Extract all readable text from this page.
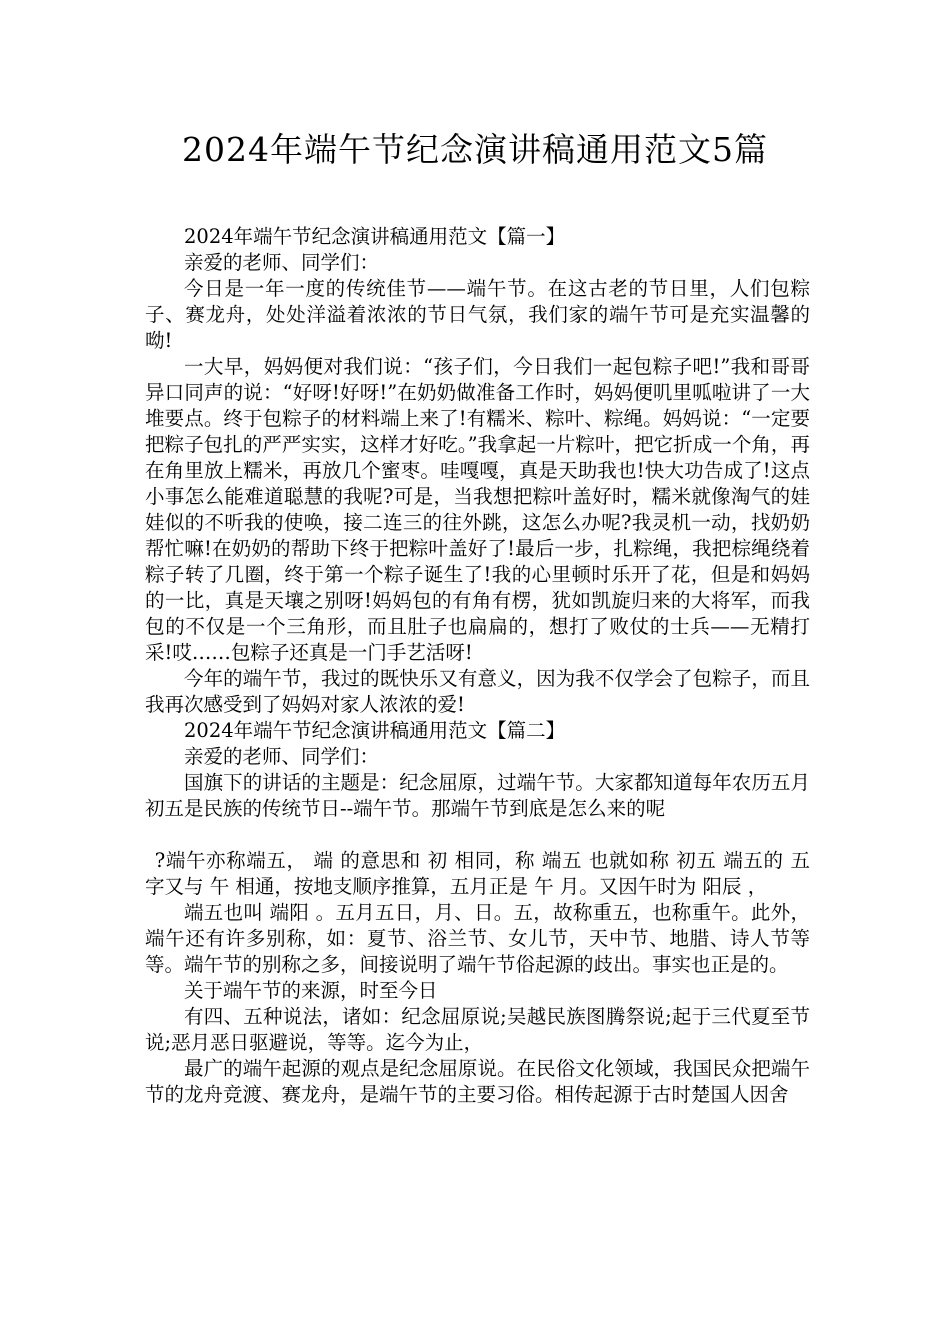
2024年端午节纪念演讲稿通用范文5篇

2024年端午节纪念演讲稿通用范文【篇一】

亲爱的老师、同学们：

今日是一年一度的传统佳节——端午节。在这古老的节日里，人们包粽子、赛龙舟，处处洋溢着浓浓的节日气氛，我们家的端午节可是充实温馨的呦!

一大早，妈妈便对我们说：“孩子们，今日我们一起包粽子吧!”我和哥哥异口同声的说：“好呀!好呀!”在奶奶做准备工作时，妈妈便叽里呱啦讲了一大堆要点。终于包粽子的材料端上来了!有糯米、粽叶、粽绳。妈妈说：“一定要把粽子包扎的严严实实，这样才好吃。”我拿起一片粽叶，把它折成一个角，再在角里放上糯米，再放几个蜜枣。哇嘎嘎，真是天助我也!快大功告成了!这点小事怎么能难道聪慧的我呢?可是，当我想把粽叶盖好时，糯米就像淘气的娃娃似的不听我的使唤，接二连三的往外跳，这怎么办呢?我灵机一动，找奶奶帮忙嘛!在奶奶的帮助下终于把粽叶盖好了!最后一步，扎粽绳，我把棕绳绕着粽子转了几圈，终于第一个粽子诞生了!我的心里顿时乐开了花，但是和妈妈的一比，真是天壤之别呀!妈妈包的有角有楞，犹如凯旋归来的大将军，而我包的不仅是一个三角形，而且肚子也扁扁的，想打了败仗的士兵——无精打采!哎……包粽子还真是一门手艺活呀!

今年的端午节，我过的既快乐又有意义，因为我不仅学会了包粽子，而且我再次感受到了妈妈对家人浓浓的爱!

2024年端午节纪念演讲稿通用范文【篇二】

亲爱的老师、同学们：

国旗下的讲话的主题是：纪念屈原，过端午节。大家都知道每年农历五月初五是民族的传统节日--端午节。那端午节到底是怎么来的呢

?端午亦称端五， 端 的意思和 初 相同，称 端五 也就如称 初五 端五的 五 字又与 午 相通，按地支顺序推算，五月正是 午 月。又因午时为 阳辰 ，

端五也叫 端阳 。五月五日，月、日。五，故称重五，也称重午。此外，端午还有许多别称，如：夏节、浴兰节、女儿节，天中节、地腊、诗人节等等。端午节的别称之多，间接说明了端午节俗起源的歧出。事实也正是的。

关于端午节的来源，时至今日

有四、五种说法，诸如：纪念屈原说;吴越民族图腾祭说;起于三代夏至节说;恶月恶日驱避说，等等。迄今为止，

最广的端午起源的观点是纪念屈原说。在民俗文化领域，我国民众把端午节的龙舟竞渡、赛龙舟，是端午节的主要习俗。相传起源于古时楚国人因舍
